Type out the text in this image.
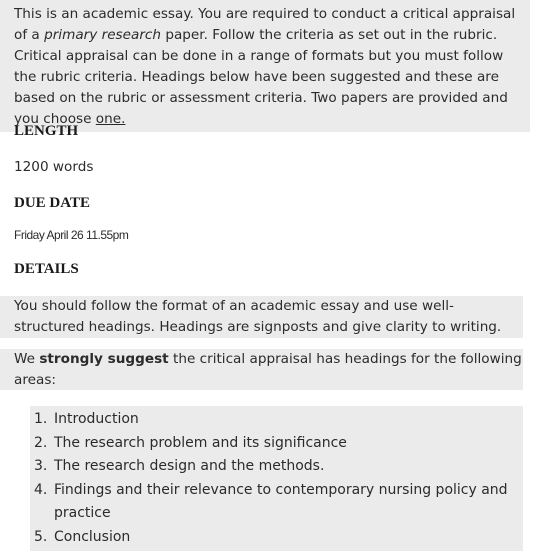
This is an academic essay. You are required to conduct a critical appraisal of a primary research paper. Follow the criteria as set out in the rubric. Critical appraisal can be done in a range of formats but you must follow the rubric criteria. Headings below have been suggested and these are based on the rubric or assessment criteria. Two papers are provided and you choose one.
LENGTH
1200 words
DUE DATE
Friday April 26 11.55pm
DETAILS
You should follow the format of an academic essay and use well-structured headings. Headings are signposts and give clarity to writing.
We strongly suggest the critical appraisal has headings for the following areas:
1. Introduction
2. The research problem and its significance
3. The research design and the methods.
4. Findings and their relevance to contemporary nursing policy and practice
5. Conclusion
